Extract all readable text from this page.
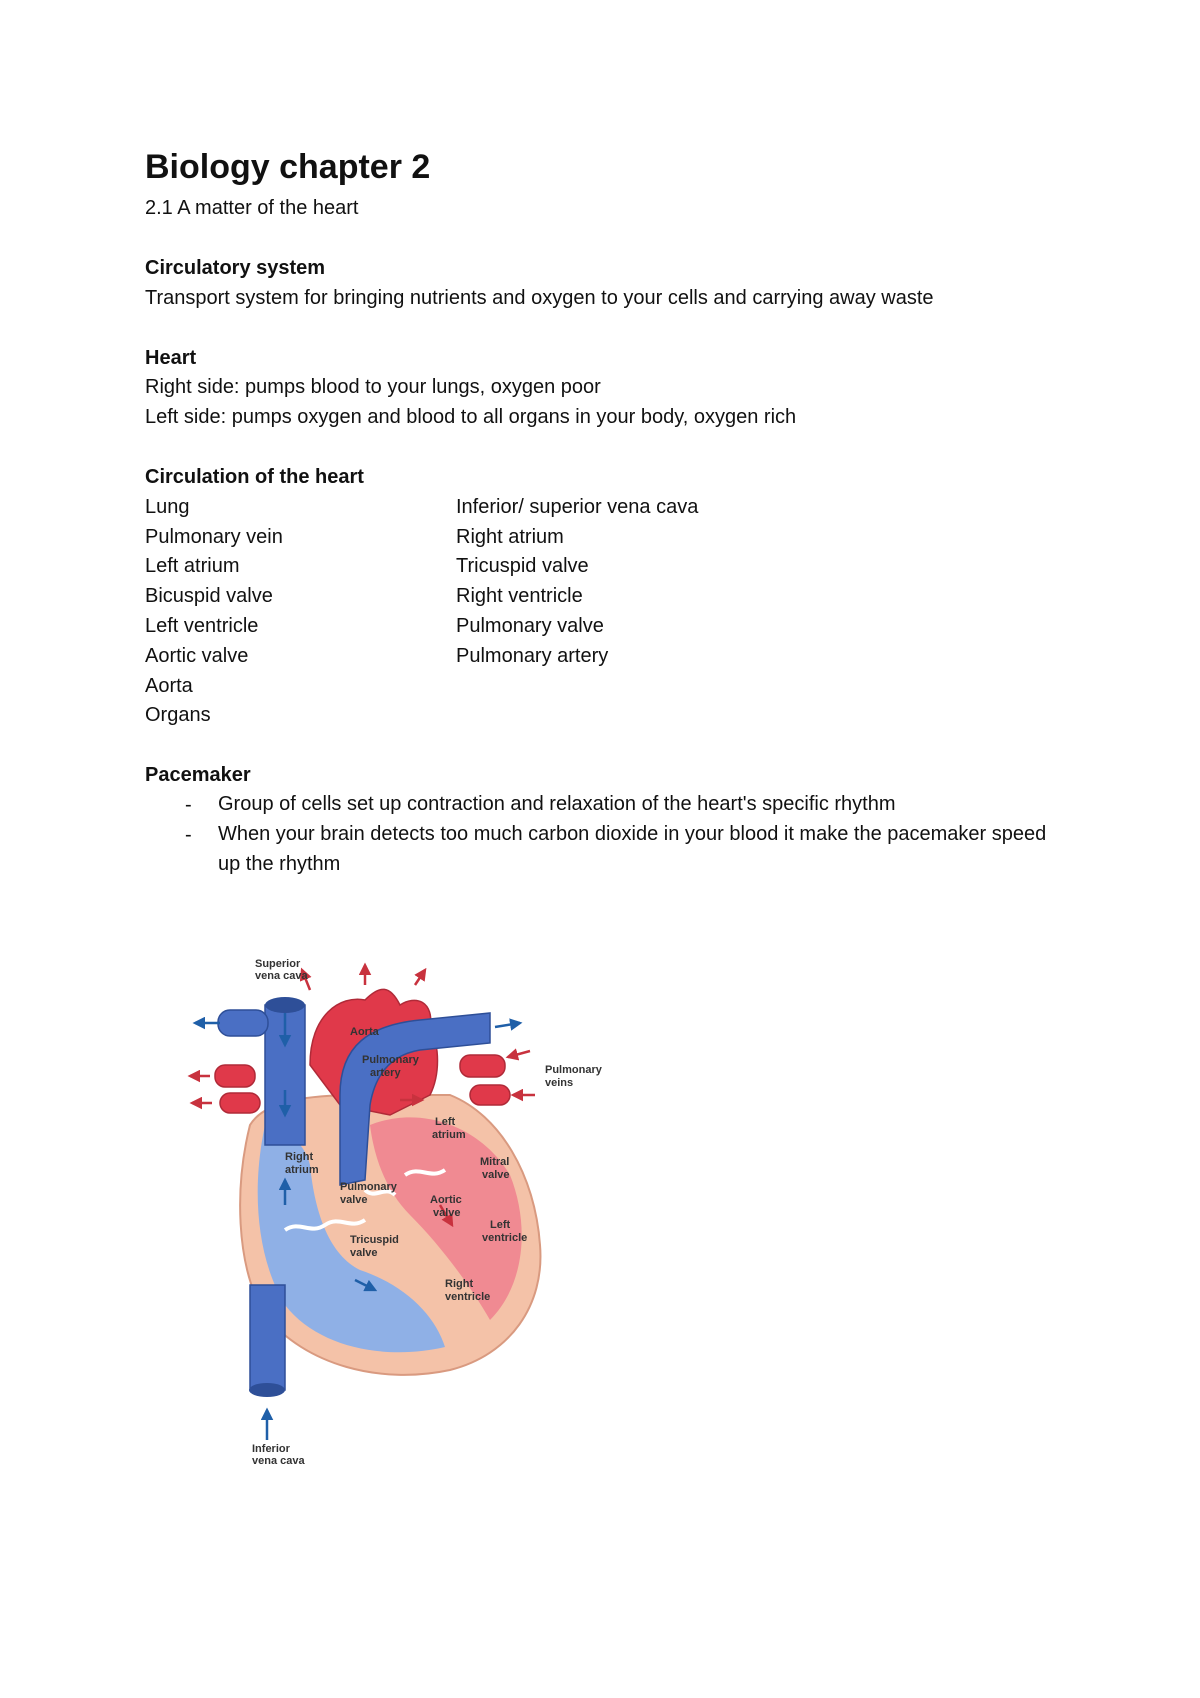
Biology chapter 2
2.1 A matter of the heart
Circulatory system
Transport system for bringing nutrients and oxygen to your cells and carrying away waste
Heart
Right side: pumps blood to your lungs, oxygen poor
Left side: pumps oxygen and blood to all organs in your body, oxygen rich
Circulation of the heart
Lung
Pulmonary vein
Left atrium
Bicuspid valve
Left ventricle
Aortic valve
Aorta
Organs
Inferior/ superior vena cava
Right atrium
Tricuspid valve
Right ventricle
Pulmonary valve
Pulmonary artery
Pacemaker
- Group of cells set up contraction and relaxation of the heart's specific rhythm
- When your brain detects too much carbon dioxide in your blood it make the pacemaker speed up the rhythm
Superior
vena cava
Aorta
Pulmonary
artery	Pulmonary
veins
Left
atrium
Right
atrium
Pulmonary
valve
Mitral
valve
Aortic
valve
Left
ventricle
Tricuspid
valve
Right
ventricle
Inferior
vena cava
